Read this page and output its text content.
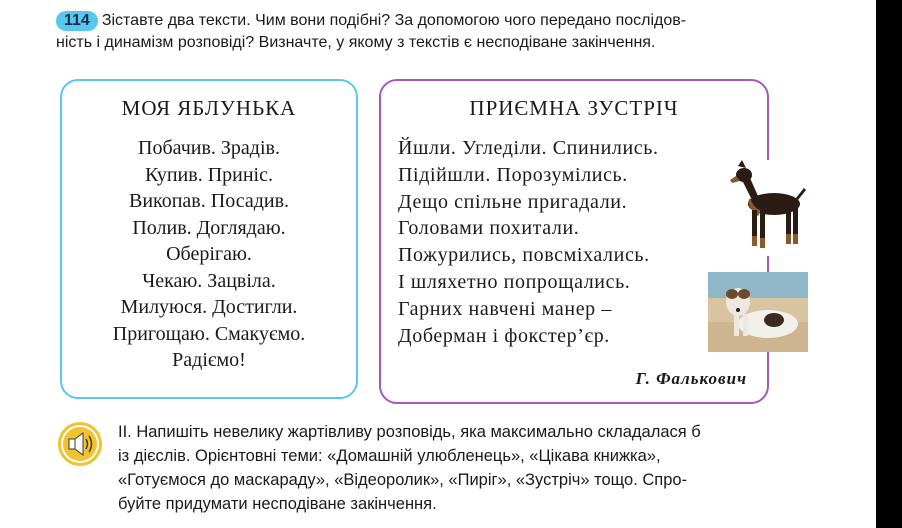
114 Зіставте два тексти. Чим вони подібні? За допомогою чого передано послідов-
ність і динамізм розповіді? Визначте, у якому з текстів є несподіване закінчення.
МОЯ ЯБЛУНЬКА
Побачив. Зрадів.
Купив. Приніс.
Викопав. Посадив.
Полив. Доглядаю.
Оберігаю.
Чекаю. Зацвіла.
Милуюся. Достигли.
Пригощаю. Смакуємо.
Радіємо!
ПРИЄМНА ЗУСТРІЧ
Йшли. Угледіли. Спинились.
Підійшли. Порозумілись.
Дещо спільне пригадали.
Головами похитали.
Пожурились, повсміхались.
І шляхетно попрощались.
Гарних навчені манер –
Доберман і фокстер’єр.
Г. Фалькович
ІІ. Напишіть невелику жартівливу розповідь, яка максимально складалася б
із дієслів. Орієнтовні теми: «Домашній улюбленець», «Цікава книжка»,
«Готуємося до маскараду», «Відеоролик», «Пиріг», «Зустріч» тощо. Спро-
буйте придумати несподіване закінчення.
